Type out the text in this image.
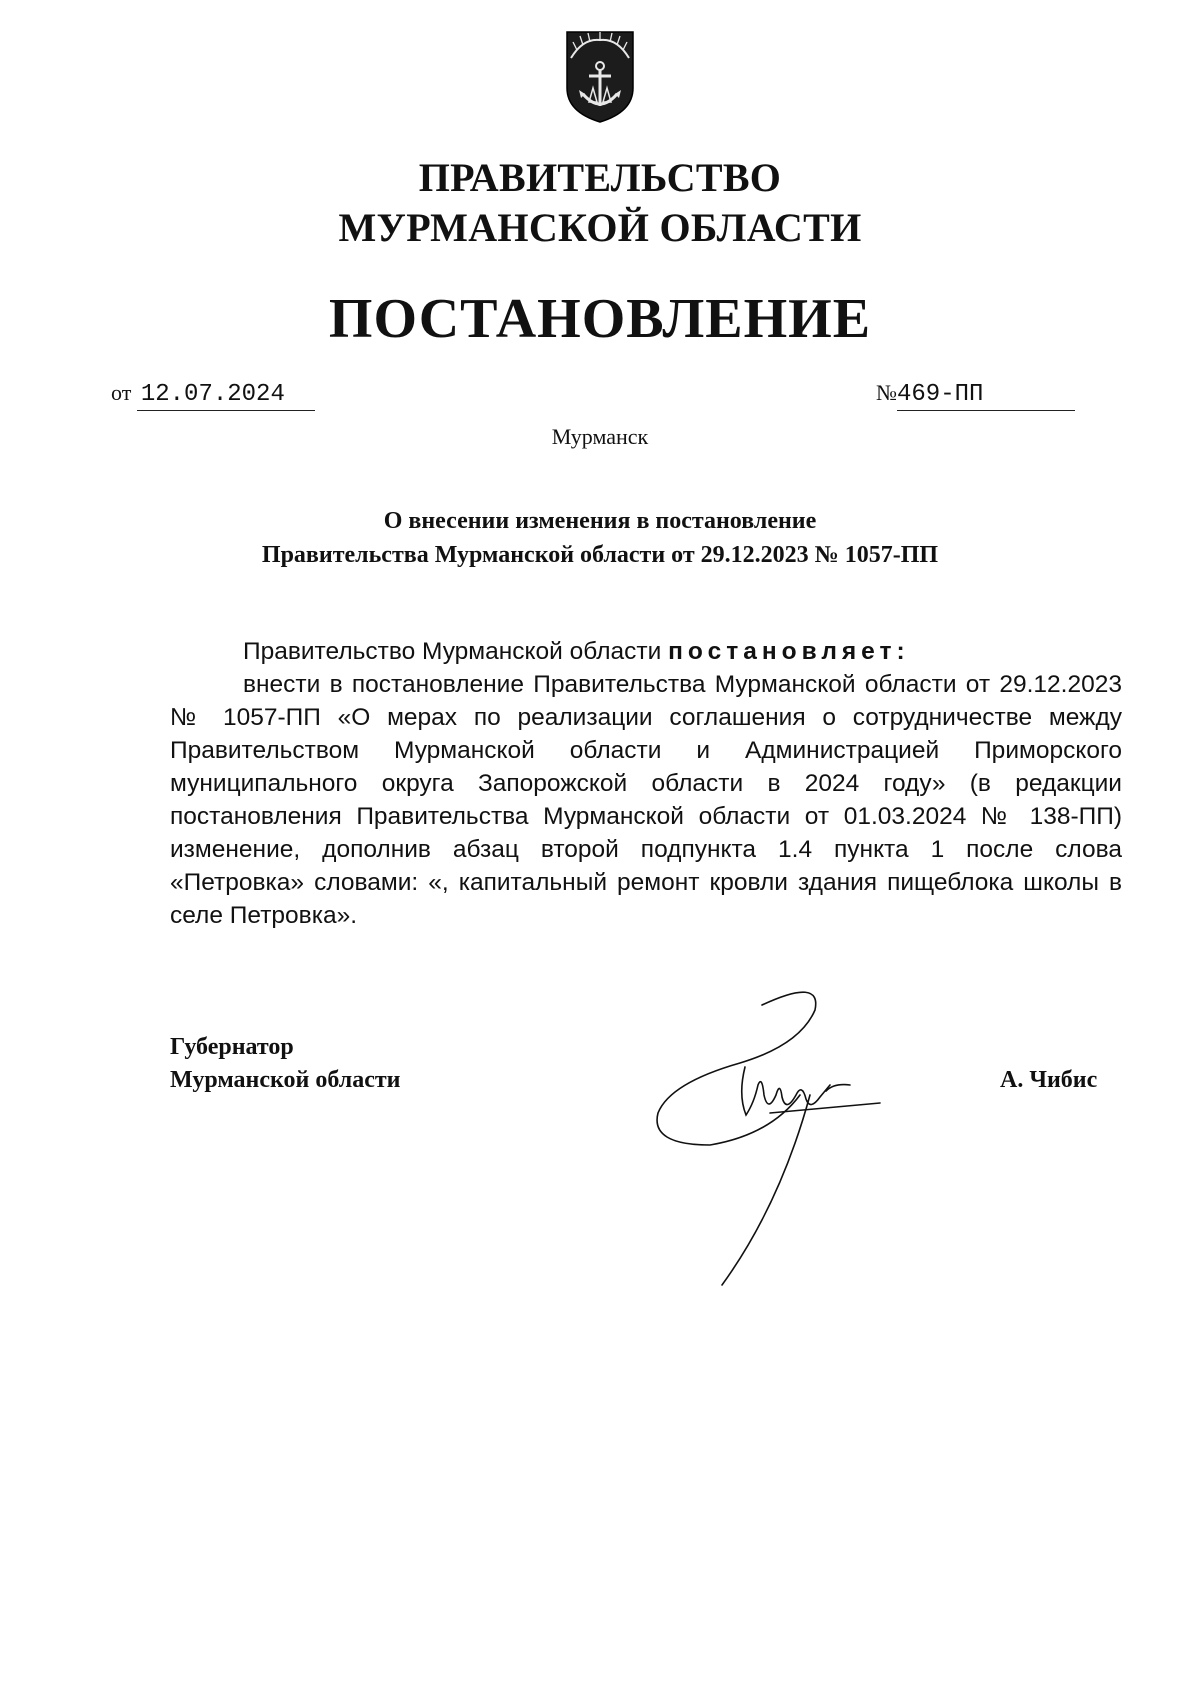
ПРАВИТЕЛЬСТВО
МУРМАНСКОЙ ОБЛАСТИ
ПОСТАНОВЛЕНИЕ
от 12.07.2024	№469-ПП
Мурманск
О внесении изменения в постановление
Правительства Мурманской области от 29.12.2023 № 1057-ПП

Правительство Мурманской области постановляет:

внести в постановление Правительства Мурманской области от 29.12.2023 № 1057-ПП «О мерах по реализации соглашения о сотрудничестве между Правительством Мурманской области и Администрацией Приморского муниципального округа Запорожской области в 2024 году» (в редакции постановления Правительства Мурманской области от 01.03.2024 № 138-ПП) изменение, дополнив абзац второй подпункта 1.4 пункта 1 после слова «Петровка» словами: «, капитальный ремонт кровли здания пищеблока школы в селе Петровка».

Губернатор
Мурманской области	А. Чибис
